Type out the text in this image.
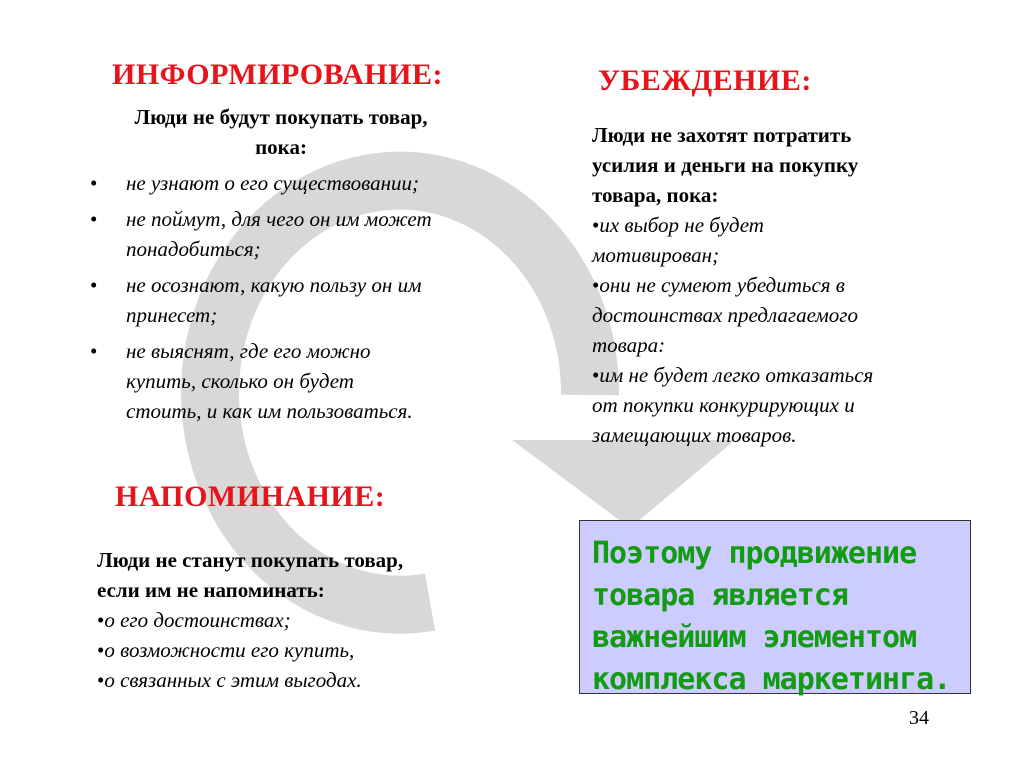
ИНФОРМИРОВАНИЕ:
Люди не будут покупать товар,
пока:
• не узнают о его существовании;
• не поймут, для чего он им может
понадобиться;
• не осознают, какую пользу он им
принесет;
• не выяснят, где его можно
купить, сколько он будет
стоить, и как им пользоваться.
УБЕЖДЕНИЕ:
Люди не захотят потратить
усилия и деньги на покупку
товара, пока:
• их выбор не будет
мотивирован;
• они не сумеют убедиться в
достоинствах предлагаемого
товара:
• им не будет легко отказаться
от покупки конкурирующих и
замещающих товаров.
НАПОМИНАНИЕ:
Люди не станут покупать товар,
если им не напоминать:
• о его достоинствах;
• о возможности его купить,
• о связанных с этим выгодах.
Поэтому продвижение
товара является
важнейшим элементом
комплекса маркетинга.
34
